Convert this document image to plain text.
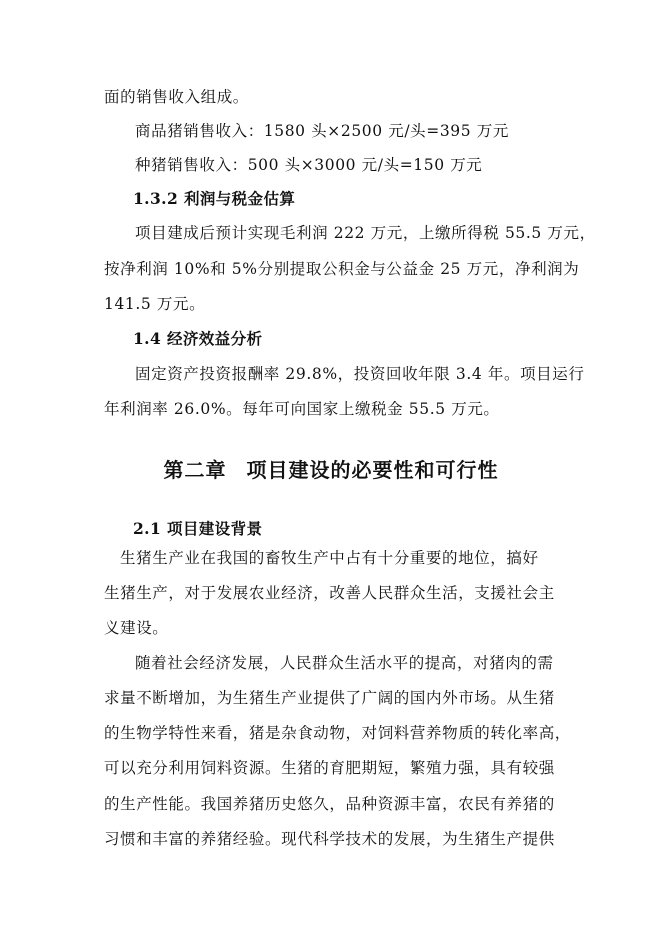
面的销售收入组成。
商品猪销售收入：1580 头×2500 元/头=395 万元
种猪销售收入：500 头×3000 元/头=150 万元
1.3.2 利润与税金估算
项目建成后预计实现毛利润 222 万元，上缴所得税 55.5 万元，
按净利润 10%和 5%分别提取公积金与公益金 25 万元，净利润为
141.5 万元。
1.4 经济效益分析
固定资产投资报酬率 29.8%，投资回收年限 3.4 年。项目运行
年利润率 26.0%。每年可向国家上缴税金 55.5 万元。
第二章 项目建设的必要性和可行性
2.1 项目建设背景
生猪生产业在我国的畜牧生产中占有十分重要的地位，搞好
生猪生产，对于发展农业经济，改善人民群众生活，支援社会主
义建设。
随着社会经济发展，人民群众生活水平的提高，对猪肉的需
求量不断增加，为生猪生产业提供了广阔的国内外市场。从生猪
的生物学特性来看，猪是杂食动物，对饲料营养物质的转化率高，
可以充分利用饲料资源。生猪的育肥期短，繁殖力强，具有较强
的生产性能。我国养猪历史悠久，品种资源丰富，农民有养猪的
习惯和丰富的养猪经验。现代科学技术的发展，为生猪生产提供
